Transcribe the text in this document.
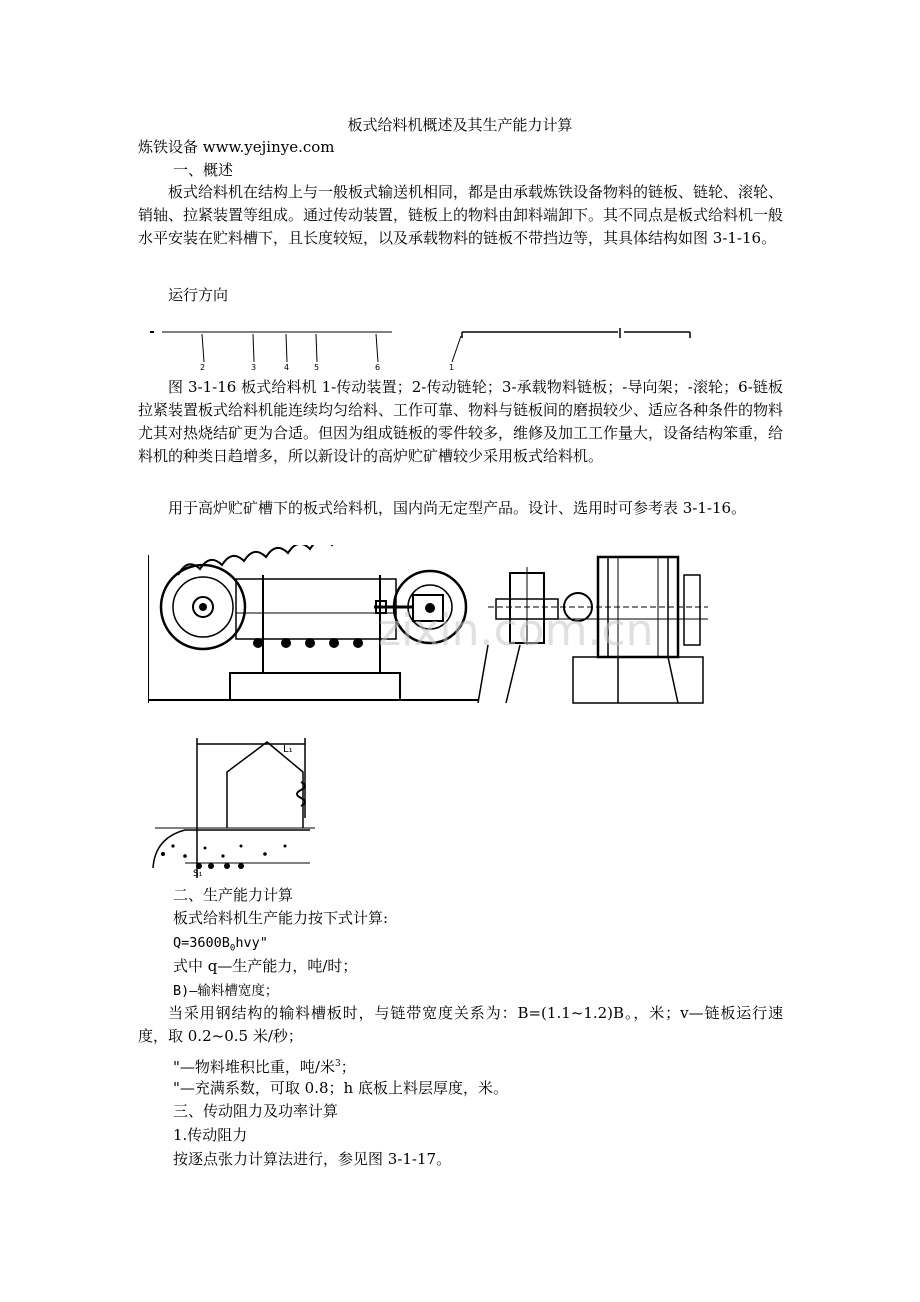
板式给料机概述及其生产能力计算
炼铁设备 www.yejinye.com
一、概述
板式给料机在结构上与一般板式输送机相同，都是由承载炼铁设备物料的链板、链轮、滚轮、销轴、拉紧装置等组成。通过传动装置，链板上的物料由卸料端卸下。其不同点是板式给料机一般水平安装在贮料槽下，且长度较短，以及承载物料的链板不带挡边等，其具体结构如图 3-1-16。
运行方向
2	3	4	5	6	1
图 3-1-16 板式给料机 1-传动装置；2-传动链轮；3-承载物料链板；-导向架；-滚轮；6-链板拉紧装置板式给料机能连续均匀给料、工作可靠、物料与链板间的磨损较少、适应各种条件的物料尤其对热烧结矿更为合适。但因为组成链板的零件较多，维修及加工工作量大，设备结构笨重，给料机的种类日趋增多，所以新设计的高炉贮矿槽较少采用板式给料机。
用于高炉贮矿槽下的板式给料机，国内尚无定型产品。设计、选用时可参考表 3-1-16。
zixin.com.cn
L₁
S₁
二、生产能力计算
板式给料机生产能力按下式计算:
$Q=3600B_0hvy$"
式中 q—生产能力，吨/时；
B)—输料槽宽度；
当采用钢结构的输料槽板时，与链带宽度关系为：B=(1.1~1.2)B。，米；v—链板运行速度，取 0.2~0.5 米/秒；
"—物料堆积比重，吨/米$^3$；
"—充满系数，可取 0.8；h 底板上料层厚度，米。
三、传动阻力及功率计算
1.传动阻力
按逐点张力计算法进行，参见图 3-1-17。
